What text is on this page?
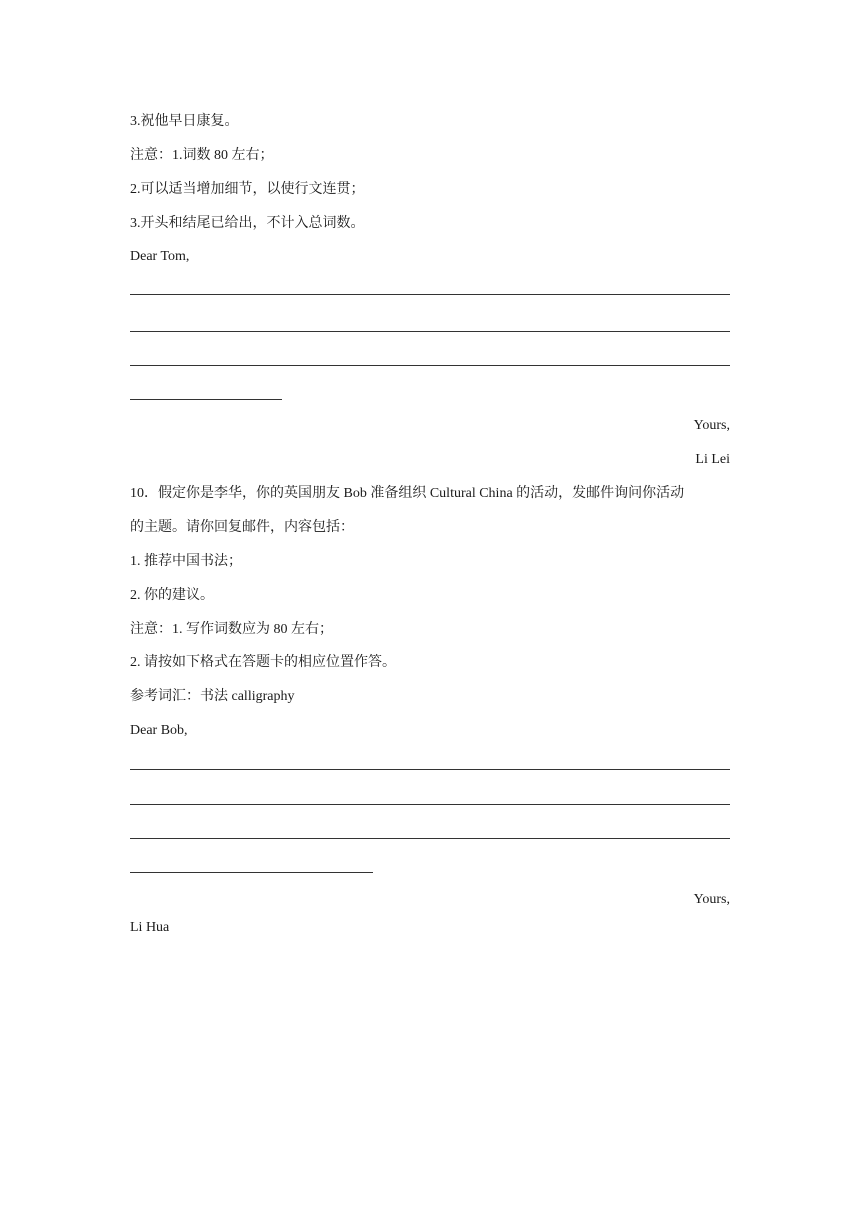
3.祝他早日康复。
注意：1.词数 80 左右；
2.可以适当增加细节，以使行文连贯；
3.开头和结尾已给出，不计入总词数。
Dear Tom,
Yours,
Li Lei
10．假定你是李华，你的英国朋友 Bob 准备组织 Cultural China 的活动，发邮件询问你活动
的主题。请你回复邮件，内容包括：
1. 推荐中国书法；
2. 你的建议。
注意：1. 写作词数应为 80 左右；
2. 请按如下格式在答题卡的相应位置作答。
参考词汇：书法 calligraphy
Dear Bob,
Yours,
Li Hua
